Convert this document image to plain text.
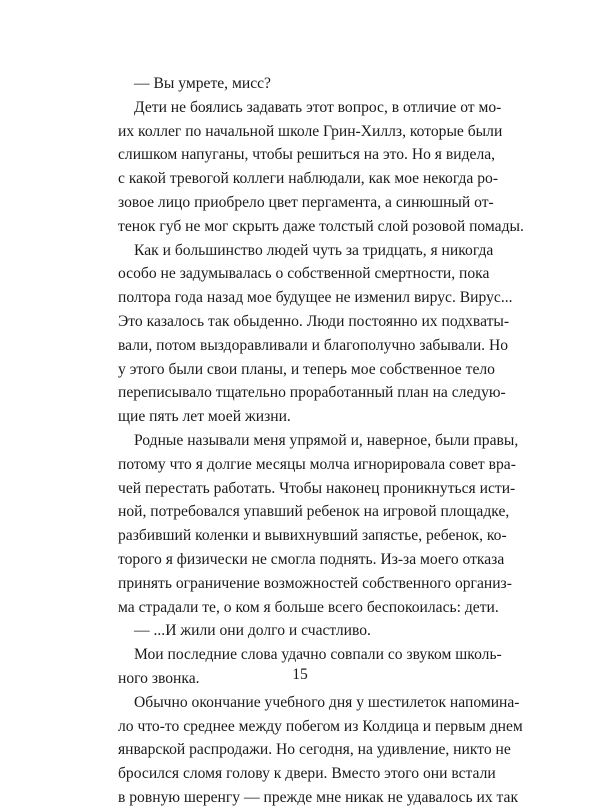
— Вы умрете, мисс?
Дети не боялись задавать этот вопрос, в отличие от мо-
их коллег по начальной школе Грин-Хиллз, которые были
слишком напуганы, чтобы решиться на это. Но я видела,
с какой тревогой коллеги наблюдали, как мое некогда ро-
зовое лицо приобрело цвет пергамента, а синюшный от-
тенок губ не мог скрыть даже толстый слой розовой помады.
Как и большинство людей чуть за тридцать, я никогда
особо не задумывалась о собственной смертности, пока
полтора года назад мое будущее не изменил вирус. Вирус...
Это казалось так обыденно. Люди постоянно их подхваты-
вали, потом выздоравливали и благополучно забывали. Но
у этого были свои планы, и теперь мое собственное тело
переписывало тщательно проработанный план на следую-
щие пять лет моей жизни.
Родные называли меня упрямой и, наверное, были правы,
потому что я долгие месяцы молча игнорировала совет вра-
чей перестать работать. Чтобы наконец проникнуться исти-
ной, потребовался упавший ребенок на игровой площадке,
разбивший коленки и вывихнувший запястье, ребенок, ко-
торого я физически не смогла поднять. Из-за моего отказа
принять ограничение возможностей собственного организ-
ма страдали те, о ком я больше всего беспокоилась: дети.
— ...И жили они долго и счастливо.
Мои последние слова удачно совпали со звуком школь-
ного звонка.
Обычно окончание учебного дня у шестилеток напомина-
ло что-то среднее между побегом из Колдица и первым днем
январской распродажи. Но сегодня, на удивление, никто не
бросился сломя голову к двери. Вместо этого они встали
в ровную шеренгу — прежде мне никак не удавалось их так
15
